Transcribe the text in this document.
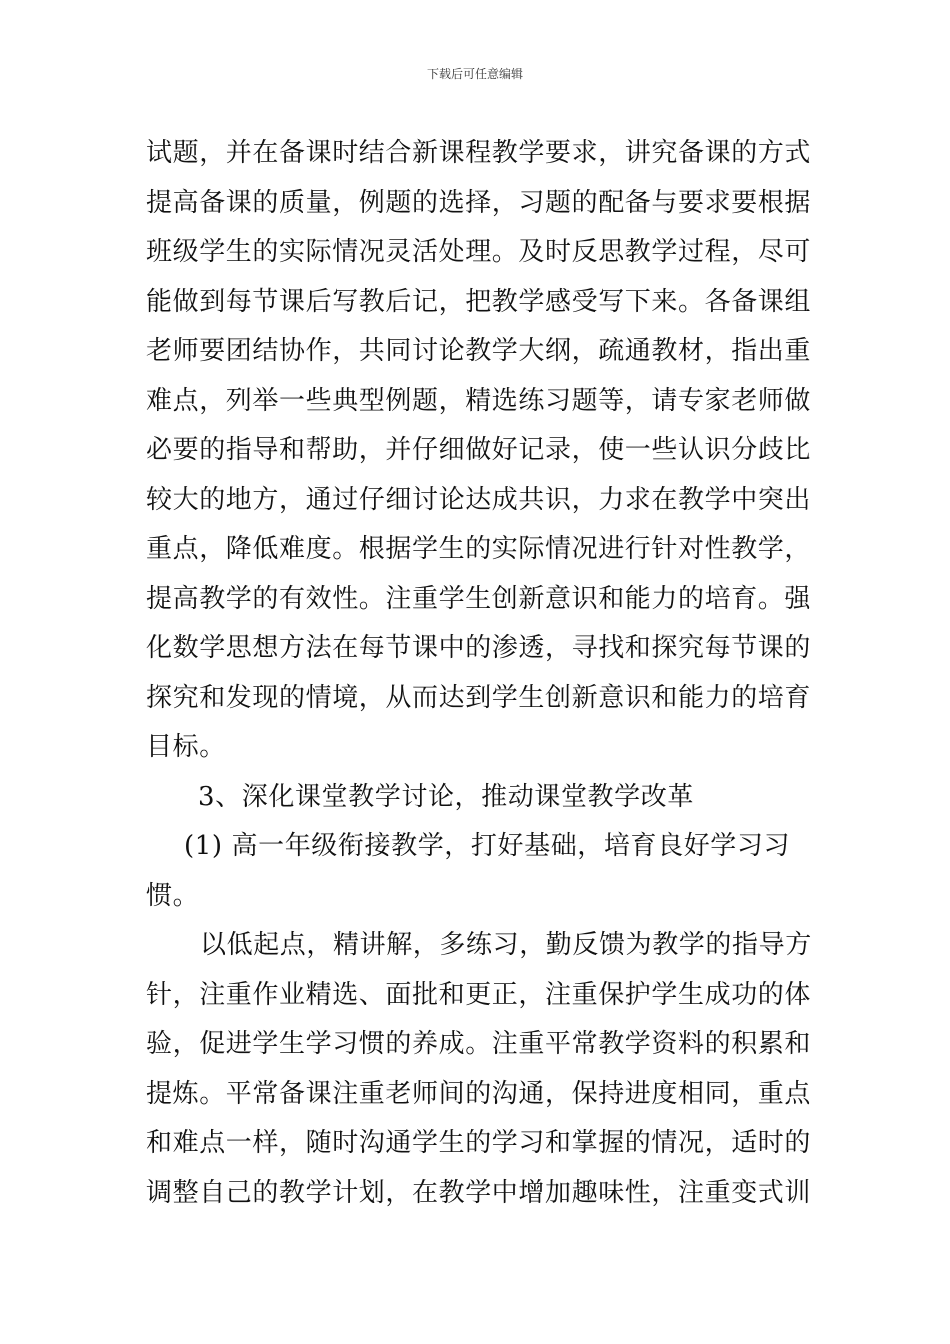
下载后可任意编辑
试题，并在备课时结合新课程教学要求，讲究备课的方式
提高备课的质量，例题的选择，习题的配备与要求要根据
班级学生的实际情况灵活处理。及时反思教学过程，尽可
能做到每节课后写教后记，把教学感受写下来。各备课组
老师要团结协作，共同讨论教学大纲，疏通教材，指出重
难点，列举一些典型例题，精选练习题等，请专家老师做
必要的指导和帮助，并仔细做好记录，使一些认识分歧比
较大的地方，通过仔细讨论达成共识，力求在教学中突出
重点，降低难度。根据学生的实际情况进行针对性教学，
提高教学的有效性。注重学生创新意识和能力的培育。强
化数学思想方法在每节课中的渗透，寻找和探究每节课的
探究和发现的情境，从而达到学生创新意识和能力的培育
目标。
3、深化课堂教学讨论，推动课堂教学改革
(1) 高一年级衔接教学，打好基础，培育良好学习习
惯。
以低起点，精讲解，多练习，勤反馈为教学的指导方
针，注重作业精选、面批和更正，注重保护学生成功的体
验，促进学生学习惯的养成。注重平常教学资料的积累和
提炼。平常备课注重老师间的沟通，保持进度相同，重点
和难点一样，随时沟通学生的学习和掌握的情况，适时的
调整自己的教学计划，在教学中增加趣味性，注重变式训
